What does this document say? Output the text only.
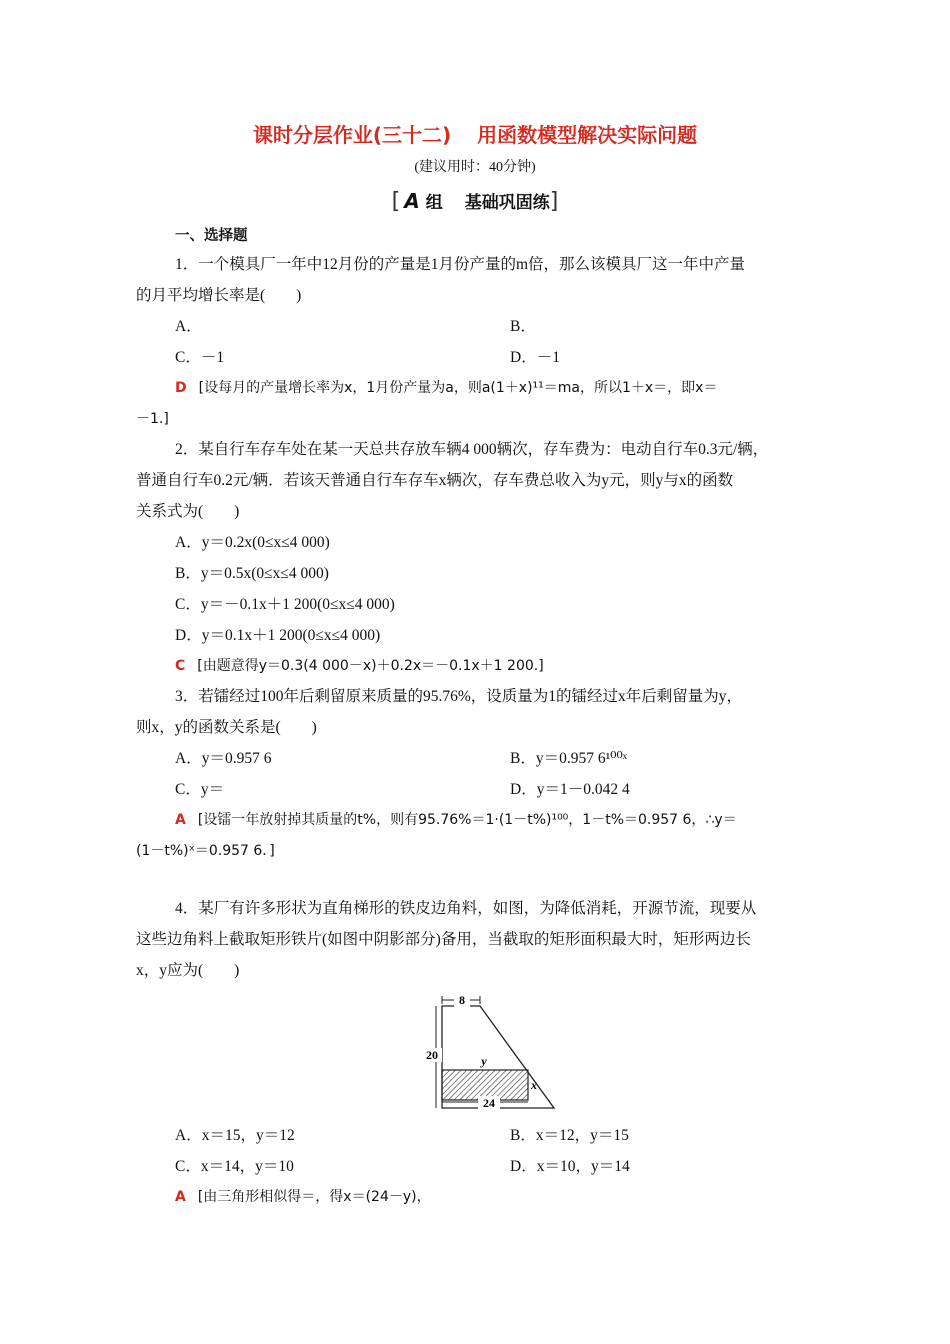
课时分层作业(三十二) 用函数模型解决实际问题
(建议用时：40分钟)
[ A 组 基础巩固练]
一、选择题
1．一个模具厂一年中12月份的产量是1月份产量的m倍，那么该模具厂这一年中产量
的月平均增长率是(　　)
A．	B．
C．－1	D．－1
D [设每月的产量增长率为x，1月份产量为a，则a(1＋x)¹¹＝ma，所以1＋x＝，即x＝
－1.]
2．某自行车存车处在某一天总共存放车辆4 000辆次，存车费为：电动自行车0.3元/辆，
普通自行车0.2元/辆．若该天普通自行车存车x辆次，存车费总收入为y元，则y与x的函数
关系式为(　　)
A．y＝0.2x(0≤x≤4 000)
B．y＝0.5x(0≤x≤4 000)
C．y＝－0.1x＋1 200(0≤x≤4 000)
D．y＝0.1x＋1 200(0≤x≤4 000)
C [由题意得y＝0.3(4 000－x)＋0.2x＝－0.1x＋1 200.]
3．若镭经过100年后剩留原来质量的95.76%，设质量为1的镭经过x年后剩留量为y，
则x，y的函数关系是(　　)
A．y＝0.957 6	B．y＝0.957 6¹⁰⁰ˣ
C．y＝	D．y＝1－0.042 4
A [设镭一年放射掉其质量的t%，则有95.76%＝1·(1－t%)¹⁰⁰，1－t%＝0.957 6，∴y＝
(1－t%)ˣ＝0.957 6．]
4．某厂有许多形状为直角梯形的铁皮边角料，如图，为降低消耗，开源节流，现要从
这些边角料上截取矩形铁片(如图中阴影部分)备用，当截取的矩形面积最大时，矩形两边长
x，y应为(　　)
8
20
24
y
x
A．x＝15，y＝12	B．x＝12，y＝15
C．x＝14，y＝10	D．x＝10，y＝14
A [由三角形相似得＝，得x＝(24－y)，
